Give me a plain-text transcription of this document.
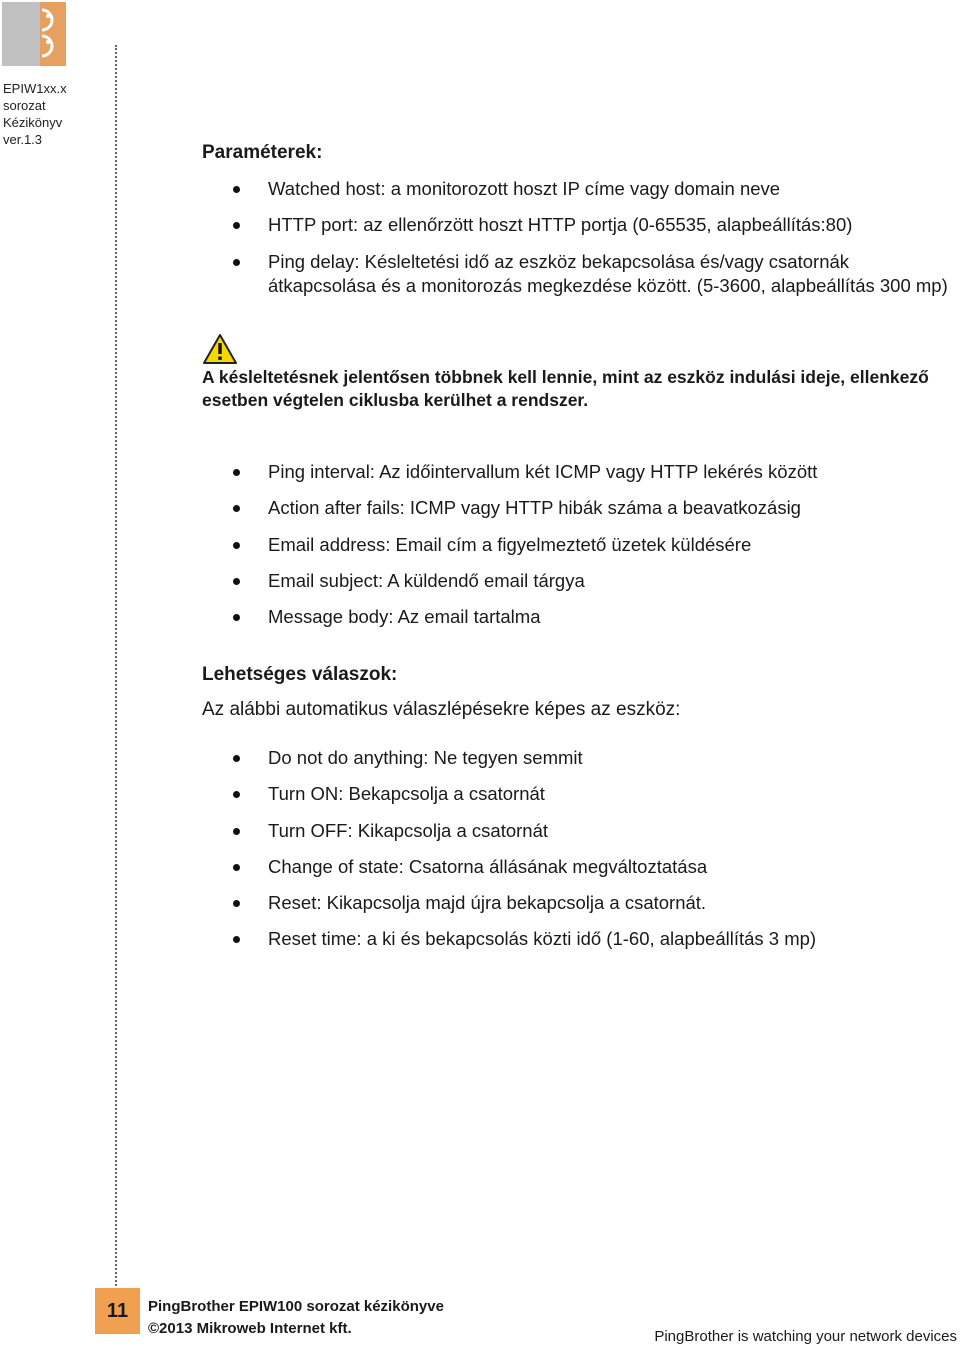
EPIW1xx.x
sorozat
Kézikönyv
ver.1.3
Paraméterek:
Watched host: a monitorozott hoszt IP címe vagy domain neve
HTTP port: az ellenőrzött hoszt HTTP portja (0-65535, alapbeállítás:80)
Ping delay: Késleltetési idő az eszköz bekapcsolása és/vagy csatornák átkapcsolása és a monitorozás megkezdése között. (5-3600, alapbeállítás 300 mp)
A késleltetésnek jelentősen többnek kell lennie, mint az eszköz indulási ideje, ellenkező esetben végtelen ciklusba kerülhet a rendszer.
Ping interval: Az időintervallum két ICMP vagy HTTP lekérés között
Action after fails: ICMP vagy HTTP hibák száma a beavatkozásig
Email address: Email cím a figyelmeztető üzetek küldésére
Email subject: A küldendő email tárgya
Message body: Az email tartalma
Lehetséges válaszok:
Az alábbi automatikus válaszlépésekre képes az eszköz:
Do not do anything: Ne tegyen semmit
Turn ON: Bekapcsolja a csatornát
Turn OFF: Kikapcsolja a csatornát
Change of state: Csatorna állásának megváltoztatása
Reset: Kikapcsolja majd újra bekapcsolja a csatornát.
Reset time: a ki és bekapcsolás közti idő (1-60, alapbeállítás 3 mp)
11	PingBrother EPIW100 sorozat kézikönyve
©2013 Mikroweb Internet kft.	PingBrother is watching your network devices
